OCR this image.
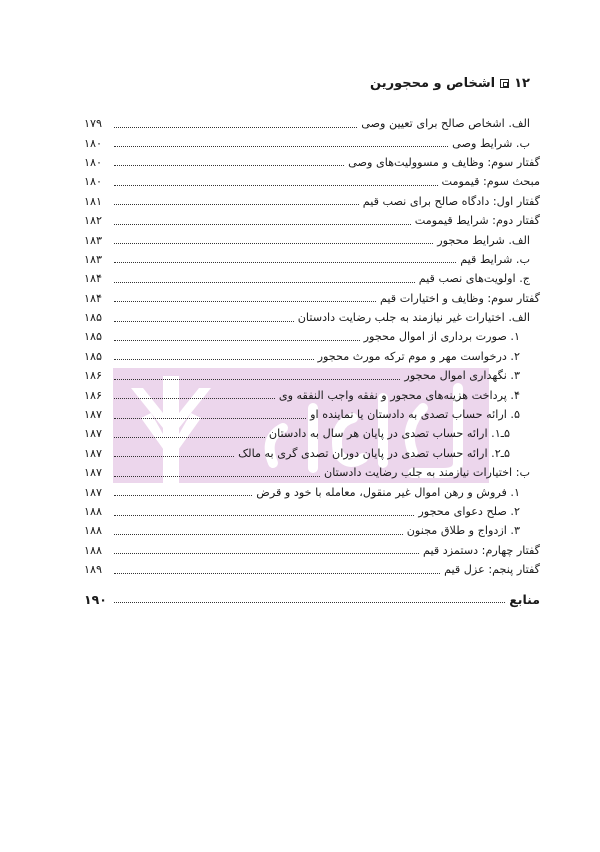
۱۲
اشخاص و محجورین
الف. اشخاص صالح برای تعیین وصی
۱۷۹
ب. شرایط وصی
۱۸۰
گفتار سوم: وظایف و مسوولیت‌های وصی
۱۸۰
مبحث سوم: قیمومت
۱۸۰
گفتار اول: دادگاه صالح برای نصب قیم
۱۸۱
گفتار دوم: شرایط قیمومت
۱۸۲
الف. شرایط محجور
۱۸۳
ب. شرایط قیم
۱۸۳
ج. اولویت‌های نصب قیم
۱۸۴
گفتار سوم: وظایف و اختیارات قیم
۱۸۴
الف. اختیارات غیر نیازمند به جلب رضایت دادستان
۱۸۵
۱. صورت برداری از اموال محجور
۱۸۵
۲. درخواست مهر و موم ترکه مورث محجور
۱۸۵
۳. نگهداری اموال محجور
۱۸۶
۴. پرداخت هزینه‌های محجور و نفقه واجب النفقه وی
۱۸۶
۵. ارائه حساب تصدی به دادستان یا نماینده او
۱۸۷
۵ـ۱. ارائه حساب تصدی در پایان هر سال به دادستان
۱۸۷
۵ـ۲. ارائه حساب تصدی در پایان دوران تصدی گری به مالک
۱۸۷
ب: اختیارات نیازمند به جلب رضایت دادستان
۱۸۷
۱. فروش و رهن اموال غیر منقول، معامله با خود و قرض
۱۸۷
۲. صلح دعوای محجور
۱۸۸
۳. ازدواج و طلاق مجنون
۱۸۸
گفتار چهارم: دستمزد قیم
۱۸۸
گفتار پنجم: عزل قیم
۱۸۹
منابع
۱۹۰
